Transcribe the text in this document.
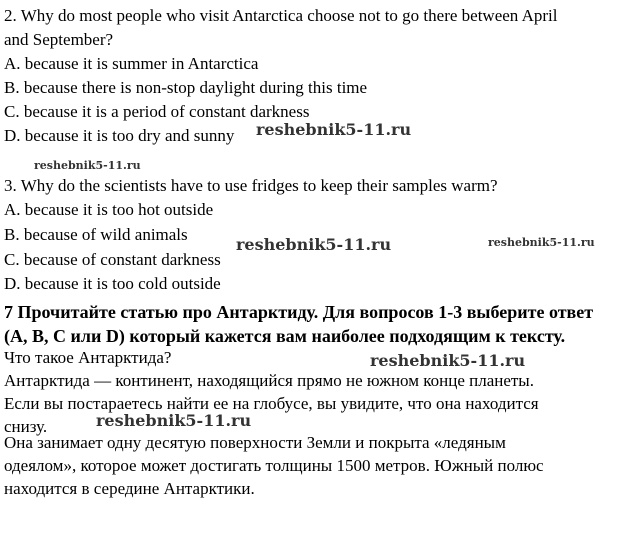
2. Why do most people who visit Antarctica choose not to go there between April
and September?
A. because it is summer in Antarctica
B. because there is non-stop daylight during this time
C. because it is a period of constant darkness
D. because it is too dry and sunny
3. Why do the scientists have to use fridges to keep their samples warm?
A. because it is too hot outside
B. because of wild animals
C. because of constant darkness
D. because it is too cold outside
7 Прочитайте статью про Антарктиду. Для вопросов 1-3 выберите ответ
(A, B, C или D) который кажется вам наиболее подходящим к тексту.
Что такое Антарктида?
Антарктида — континент, находящийся прямо не южном конце планеты.
Если вы постараетесь найти ее на глобусе, вы увидите, что она находится
снизу.
Она занимает одну десятую поверхности Земли и покрыта «ледяным
одеялом», которое может достигать толщины 1500 метров. Южный полюс
находится в середине Антарктики.
reshebnik5-11.ru
reshebnik5-11.ru
reshebnik5-11.ru	reshebnik5-11.ru
reshebnik5-11.ru
reshebnik5-11.ru
